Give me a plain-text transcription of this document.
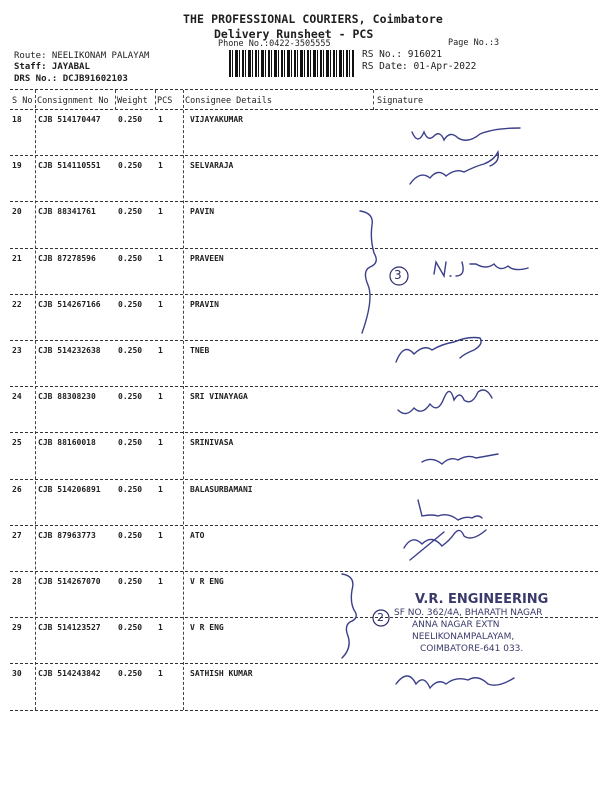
THE PROFESSIONAL COURIERS, Coimbatore
Delivery Runsheet - PCS
Phone No.:0422-3505555	Page No.:3
Route: NEELIKONAM PALAYAM
Staff: JAYABAL
DRS No.: DCJB91602103
RS No.: 916021
RS Date: 01-Apr-2022
S No Consignment No Weight PCS Consignee Details	Signature
18 CJB 514170447 0.250 1	VIJAYAKUMAR
19 CJB 514110551 0.250 1	SELVARAJA
20 CJB 88341761	0.250 1	PAVIN
21 CJB 87278596	0.250 1	PRAVEEN
22 CJB 514267166 0.250 1	PRAVIN
23 CJB 514232638 0.250 1	TNEB
24 CJB 88308230	0.250 1	SRI VINAYAGA
25 CJB 88160018	0.250 1	SRINIVASA
26 CJB 514206891 0.250 1	BALASURBAMANI
27 CJB 87963773	0.250 1	ATO
28 CJB 514267070 0.250 1	V R ENG
29 CJB 514123527 0.250 1	V R ENG
30 CJB 514243842 0.250 1	SATHISH KUMAR
3
2
V.R. ENGINEERING
SF NO. 362/4A, BHARATH NAGAR
ANNA NAGAR EXTN
NEELIKONAMPALAYAM,
COIMBATORE-641 033.
